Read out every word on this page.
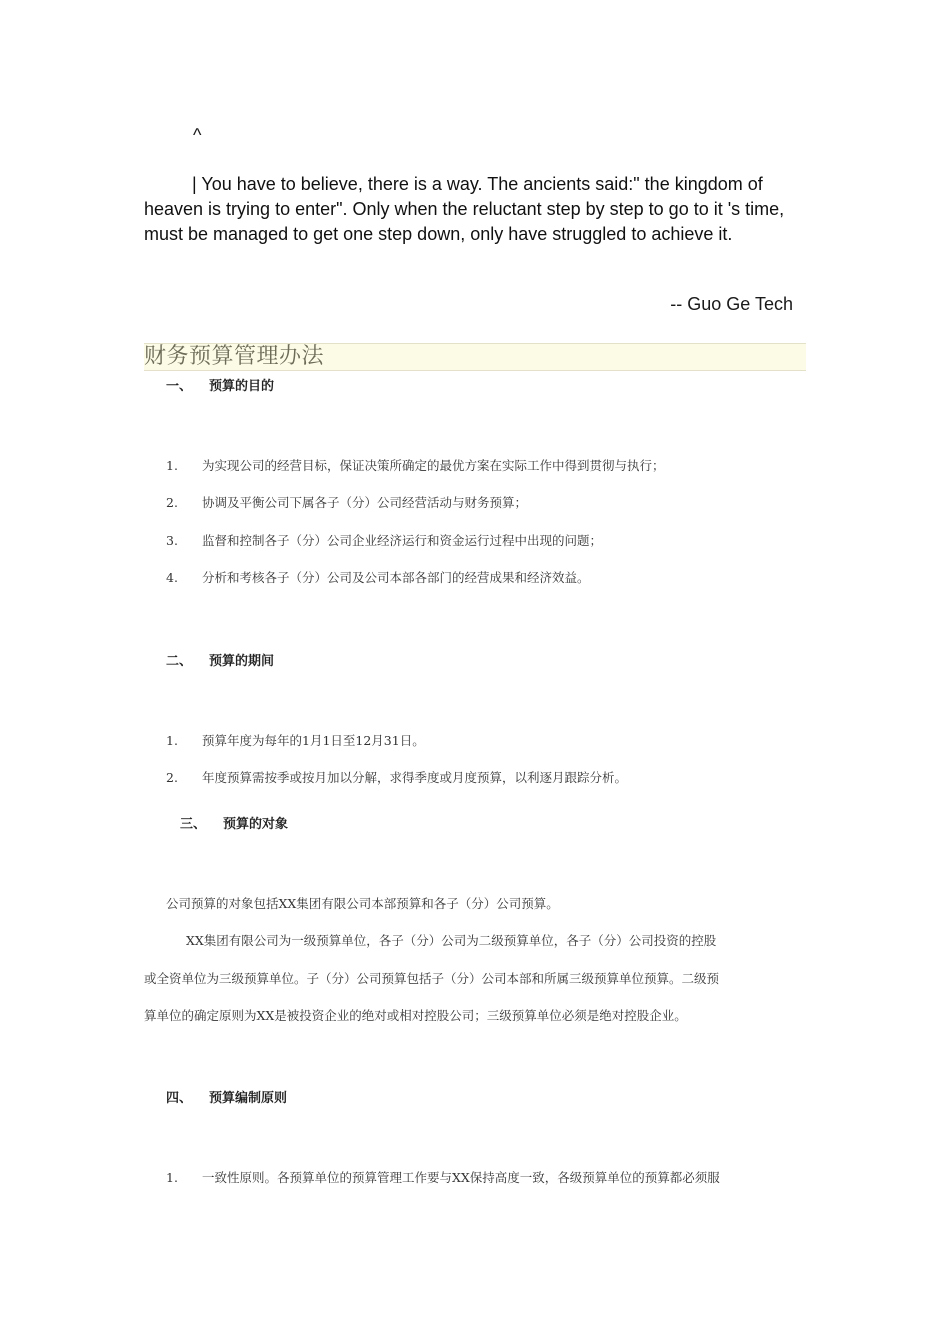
^
| You have to believe, there is a way. The ancients said:" the kingdom of heaven is trying to enter". Only when the reluctant step by step to go to it 's time, must be managed to get one step down, only have struggled to achieve it.
-- Guo Ge Tech
财务预算管理办法
一、 预算的目的
1. 为实现公司的经营目标，保证决策所确定的最优方案在实际工作中得到贯彻与执行；
2. 协调及平衡公司下属各子（分）公司经营活动与财务预算；
3. 监督和控制各子（分）公司企业经济运行和资金运行过程中出现的问题；
4. 分析和考核各子（分）公司及公司本部各部门的经营成果和经济效益。
二、 预算的期间
1. 预算年度为每年的1月1日至12月31日。
2. 年度预算需按季或按月加以分解，求得季度或月度预算，以利逐月跟踪分析。
三、 预算的对象
公司预算的对象包括XX集团有限公司本部预算和各子（分）公司预算。
XX集团有限公司为一级预算单位，各子（分）公司为二级预算单位，各子（分）公司投资的控股
或全资单位为三级预算单位。子（分）公司预算包括子（分）公司本部和所属三级预算单位预算。二级预
算单位的确定原则为XX是被投资企业的绝对或相对控股公司；三级预算单位必须是绝对控股企业。
四、 预算编制原则
1. 一致性原则。各预算单位的预算管理工作要与XX保持高度一致，各级预算单位的预算都必须服
